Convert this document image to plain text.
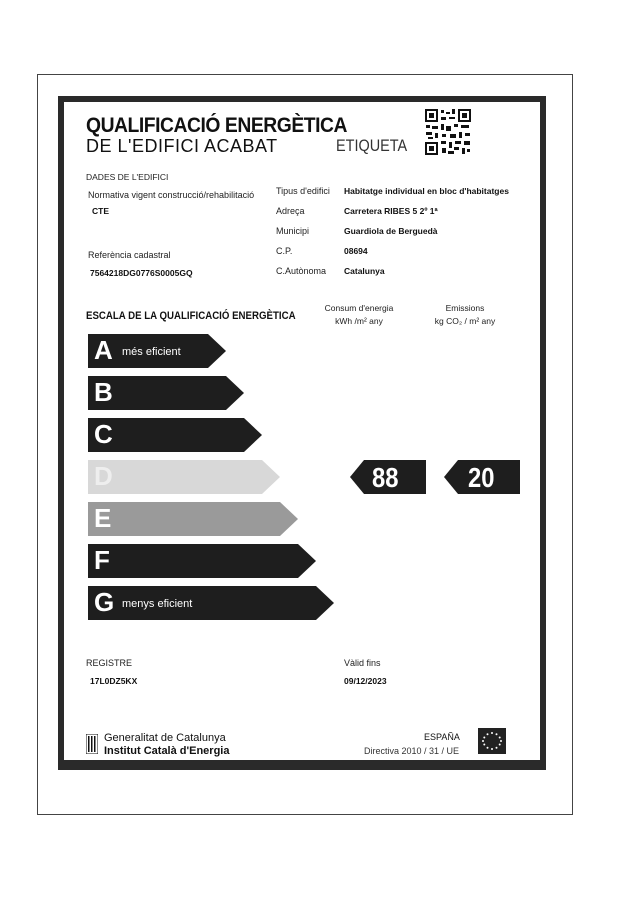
QUALIFICACIÓ ENERGÈTICA
DE L'EDIFICI ACABAT	ETIQUETA
DADES DE L'EDIFICI
Normativa vigent construcció/rehabilitació
CTE
Referència cadastral
7564218DG0776S0005GQ
Tipus d'edifici Habitatge individual en bloc d'habitatges
Adreça	Carretera RIBES 5 2º 1ª
Municipi	Guardiola de Berguedà
C.P.	08694
C.Autònoma Catalunya
ESCALA DE LA QUALIFICACIÓ ENERGÈTICA
Consum d'energia
kWh /m² any
Emissions
kg CO₂ / m² any
A més eficient
B
C
D
E
F
G menys eficient
88 20
REGISTRE
17L0DZ5KX
Vàlid fins
09/12/2023
Generalitat de Catalunya
Institut Català d'Energia
ESPAÑA
Directiva 2010 / 31 / UE
